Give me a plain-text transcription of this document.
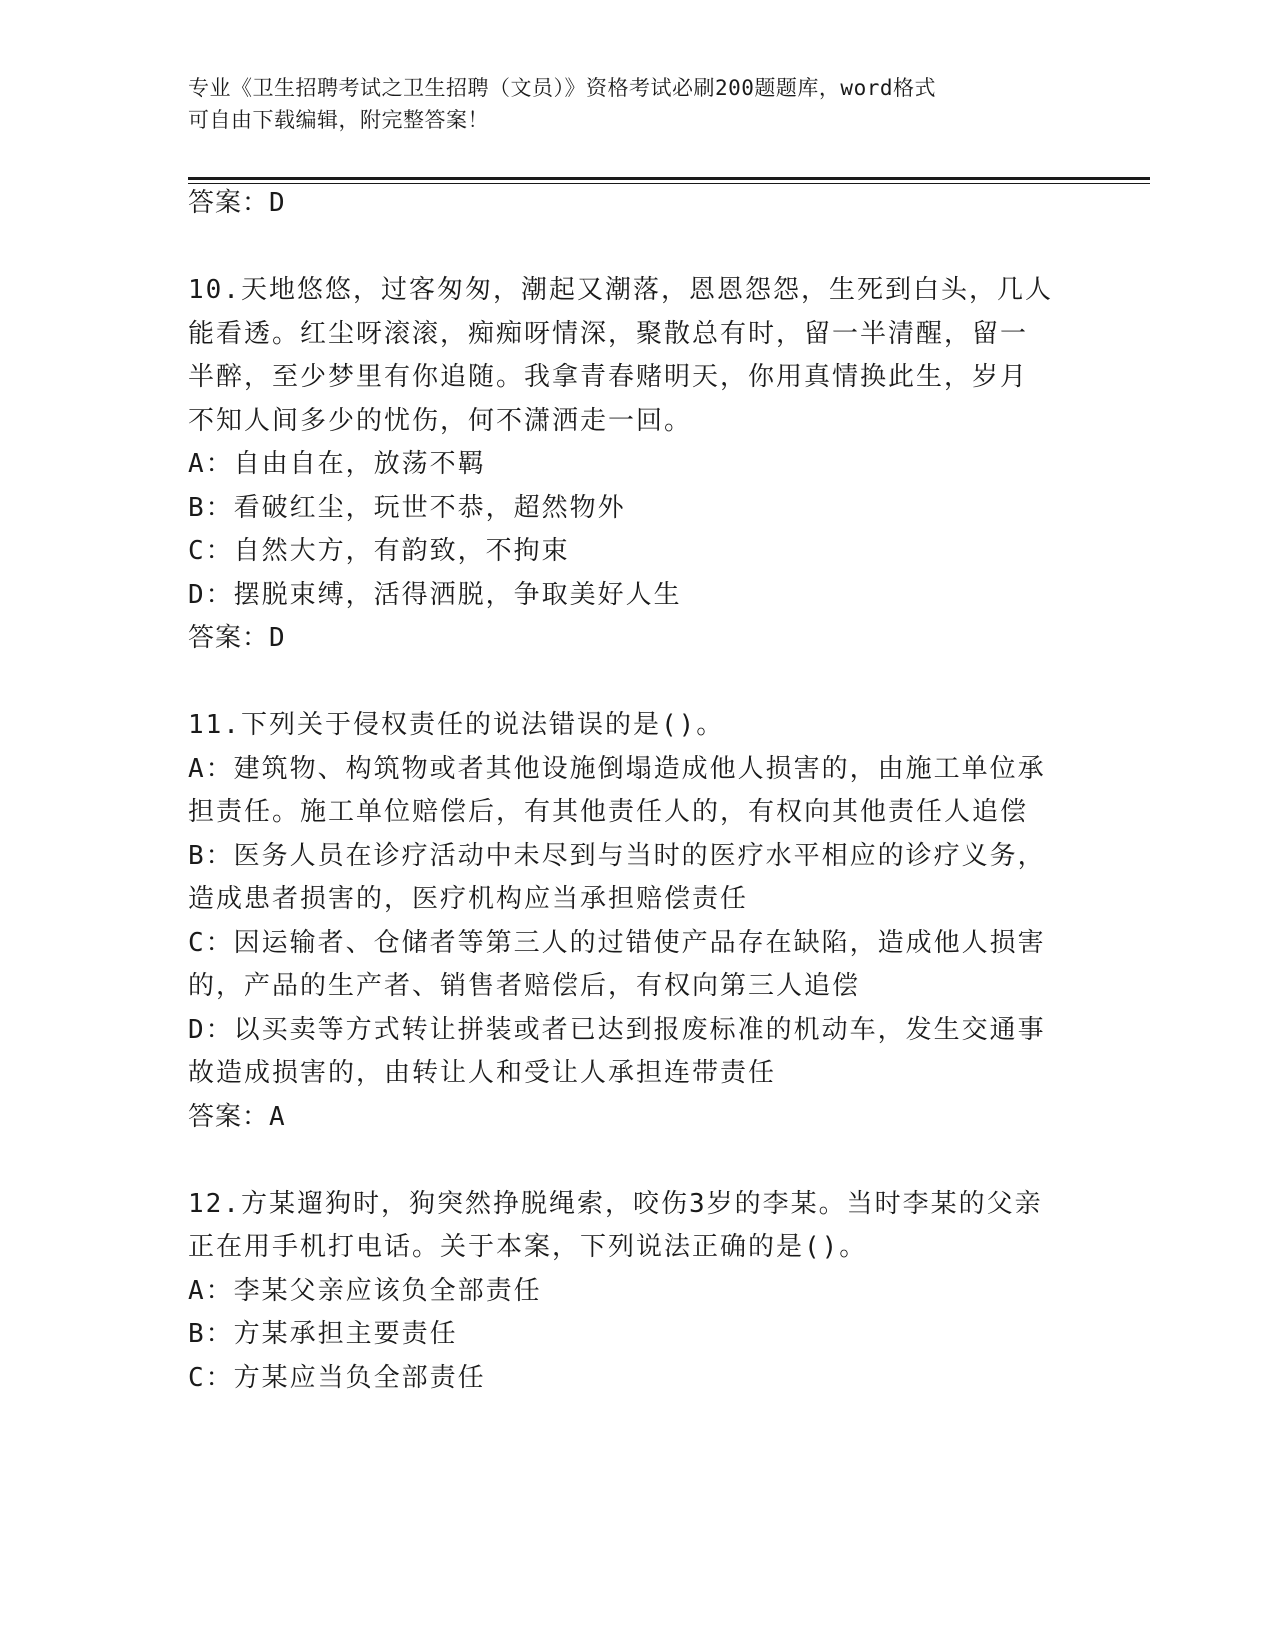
专业《卫生招聘考试之卫生招聘（文员）》资格考试必刷200题题库，word格式
可自由下载编辑，附完整答案！
答案：D
10.天地悠悠，过客匆匆，潮起又潮落，恩恩怨怨，生死到白头，几人
能看透。红尘呀滚滚，痴痴呀情深，聚散总有时，留一半清醒，留一
半醉，至少梦里有你追随。我拿青春赌明天，你用真情换此生，岁月
不知人间多少的忧伤，何不潇洒走一回。
A：自由自在，放荡不羁
B：看破红尘，玩世不恭，超然物外
C：自然大方，有韵致，不拘束
D：摆脱束缚，活得洒脱，争取美好人生
答案：D
11.下列关于侵权责任的说法错误的是()。
A：建筑物、构筑物或者其他设施倒塌造成他人损害的，由施工单位承
担责任。施工单位赔偿后，有其他责任人的，有权向其他责任人追偿
B：医务人员在诊疗活动中未尽到与当时的医疗水平相应的诊疗义务，
造成患者损害的，医疗机构应当承担赔偿责任
C：因运输者、仓储者等第三人的过错使产品存在缺陷，造成他人损害
的，产品的生产者、销售者赔偿后，有权向第三人追偿
D：以买卖等方式转让拼装或者已达到报废标准的机动车，发生交通事
故造成损害的，由转让人和受让人承担连带责任
答案：A
12.方某遛狗时，狗突然挣脱绳索，咬伤3岁的李某。当时李某的父亲
正在用手机打电话。关于本案，下列说法正确的是()。
A：李某父亲应该负全部责任
B：方某承担主要责任
C：方某应当负全部责任
